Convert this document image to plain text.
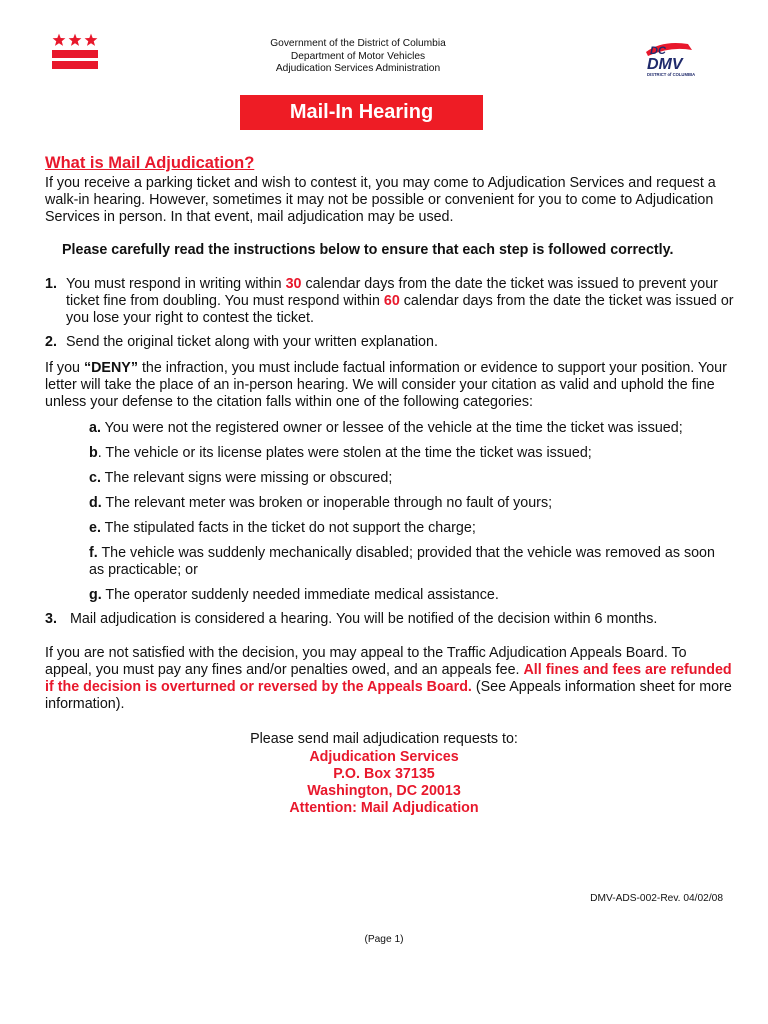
Government of the District of Columbia
Department of Motor Vehicles
Adjudication Services Administration
DC
DMV
DISTRICT of COLUMBIA
Mail-In Hearing
What is Mail Adjudication?

If you receive a parking ticket and wish to contest it, you may come to Adjudication Services and request a walk-in hearing. However, sometimes it may not be possible or convenient for you to come to Adjudication Services in person. In that event, mail adjudication may be used.

Please carefully read the instructions below to ensure that each step is followed correctly.

1. You must respond in writing within 30 calendar days from the date the ticket was issued to prevent your ticket fine from doubling. You must respond within 60 calendar days from the date the ticket was issued or you lose your right to contest the ticket.

2. Send the original ticket along with your written explanation.

If you “DENY” the infraction, you must include factual information or evidence to support your position. Your letter will take the place of an in-person hearing. We will consider your citation as valid and uphold the fine unless your defense to the citation falls within one of the following categories:

a. You were not the registered owner or lessee of the vehicle at the time the ticket was issued;

b. The vehicle or its license plates were stolen at the time the ticket was issued;

c. The relevant signs were missing or obscured;

d. The relevant meter was broken or inoperable through no fault of yours;

e. The stipulated facts in the ticket do not support the charge;

f. The vehicle was suddenly mechanically disabled; provided that the vehicle was removed as soon as practicable; or

g. The operator suddenly needed immediate medical assistance.

3. Mail adjudication is considered a hearing. You will be notified of the decision within 6 months.

If you are not satisfied with the decision, you may appeal to the Traffic Adjudication Appeals Board. To appeal, you must pay any fines and/or penalties owed, and an appeals fee. All fines and fees are refunded if the decision is overturned or reversed by the Appeals Board. (See Appeals information sheet for more information).

Please send mail adjudication requests to:

Adjudication Services
P.O. Box 37135
Washington, DC 20013
Attention: Mail Adjudication
DMV-ADS-002-Rev. 04/02/08
(Page 1)
